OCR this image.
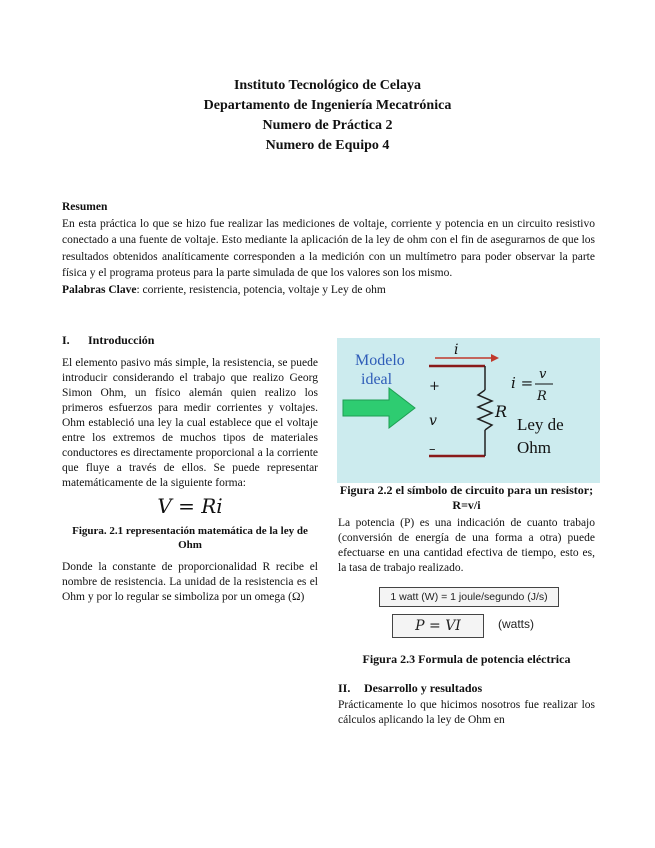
Instituto Tecnológico de Celaya
Departamento de Ingeniería Mecatrónica
Numero de Práctica 2
Numero de Equipo 4
Resumen
En esta práctica lo que se hizo fue realizar las mediciones de voltaje, corriente y potencia en un circuito resistivo conectado a una fuente de voltaje. Esto mediante la aplicación de la ley de ohm con el fin de asegurarnos de que los resultados obtenidos analíticamente corresponden a la medición con un multímetro para poder observar la parte física y el programa proteus para la parte simulada de que los valores son los mismo.
Palabras Clave: corriente, resistencia, potencia, voltaje y Ley de ohm
I. Introducción
El elemento pasivo más simple, la resistencia, se puede introducir considerando el trabajo que realizo Georg Simon Ohm, un físico alemán quien realizo los primeros esfuerzos para medir corrientes y voltajes. Ohm estableció una ley la cual establece que el voltaje entre los extremos de muchos tipos de materiales conductores es directamente proporcional a la corriente que fluye a través de ellos. Se puede representar matemáticamente de la siguiente forma:
V = Ri
Figura. 2.1 representación matemática de la ley de Ohm
Donde la constante de proporcionalidad R recibe el nombre de resistencia. La unidad de la resistencia es el Ohm y por lo regular se simboliza por un omega (Ω)
Modelo
ideal
i
+
v
–
R
i = v
R
Ley de
Ohm
Figura 2.2 el símbolo de circuito para un resistor; R=v/i
La potencia (P) es una indicación de cuanto trabajo (conversión de energía de una forma a otra) puede efectuarse en una cantidad efectiva de tiempo, esto es, la tasa de trabajo realizado.
1 watt (W) = 1 joule/segundo (J/s)
P = VI	(watts)
Figura 2.3 Formula de potencia eléctrica
II. Desarrollo y resultados
Prácticamente lo que hicimos nosotros fue realizar los cálculos aplicando la ley de Ohm en
